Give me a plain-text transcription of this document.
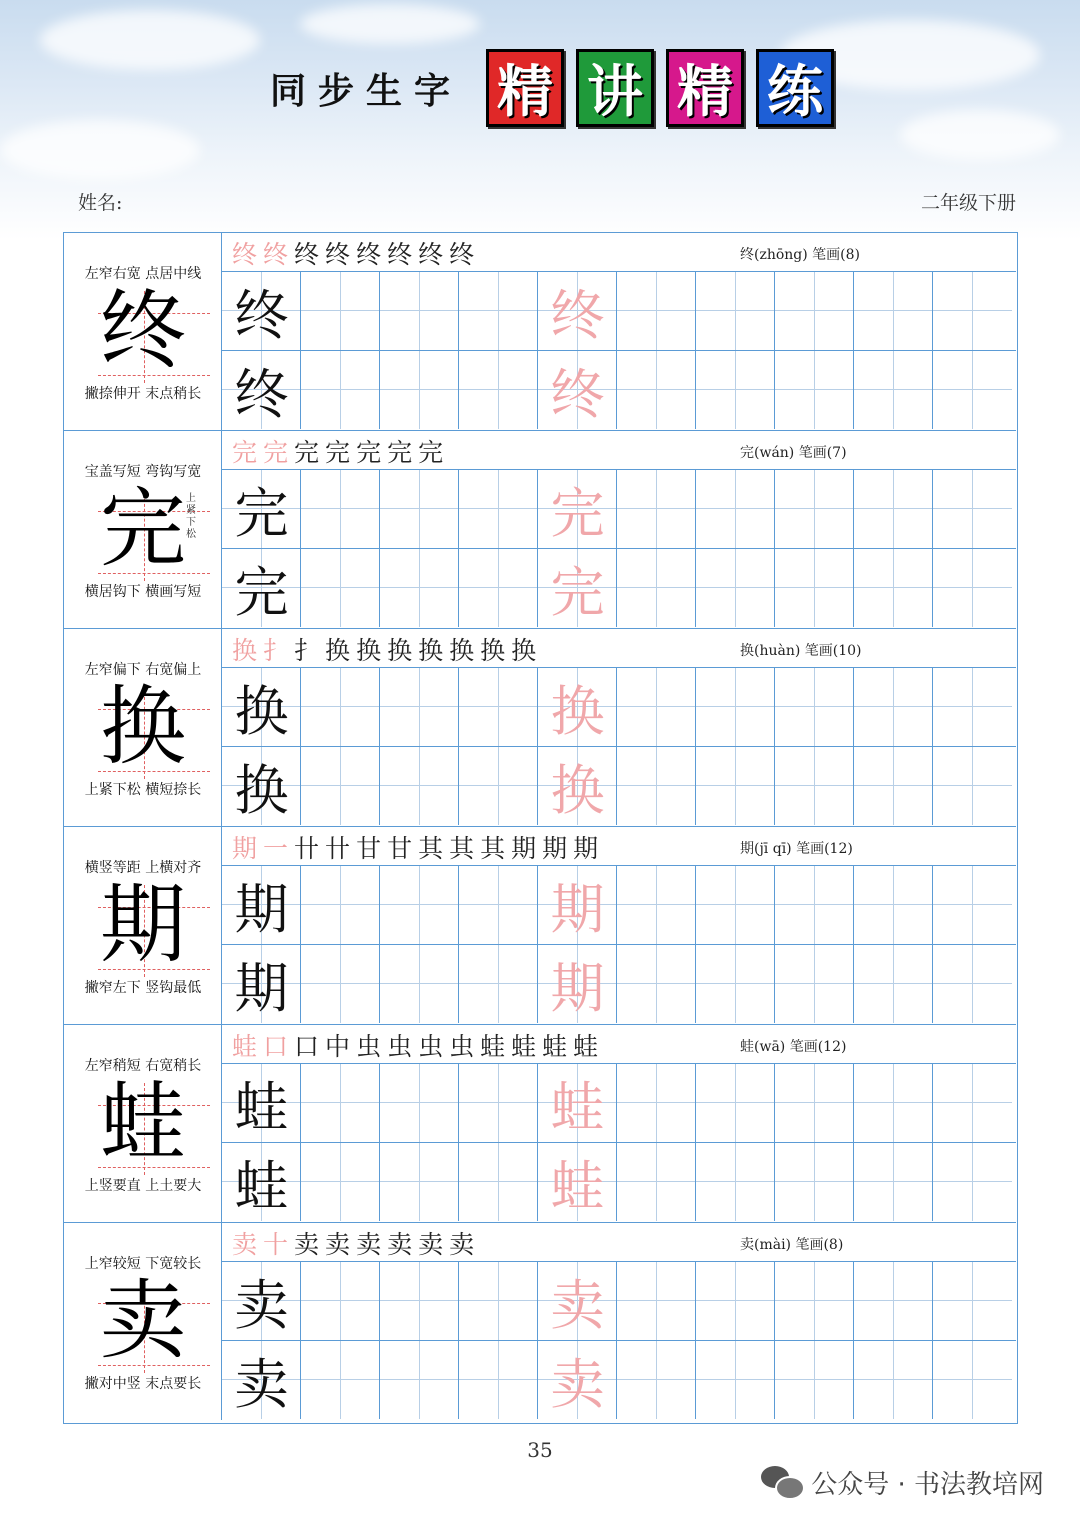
同步生字 精 讲 精 练
姓名:	二年级下册
左窄右宽 点居中线
终
撇捺伸开 末点稍长
终终终终终终终终	终(zhōng) 笔画(8)
终	终
终	终
宝盖写短 弯钩写宽
完 上紧下松
横居钩下 横画写短
完完完完完完完	完(wán) 笔画(7)
完	完
完	完
左窄偏下 右宽偏上
换
上紧下松 横短捺长
换扌扌换换换换换换换	换(huàn) 笔画(10)
换	换
换	换
横竖等距 上横对齐
期
撇窄左下 竖钩最低
期一卄卄甘甘其其其期期期	期(jī qī) 笔画(12)
期	期
期	期
左窄稍短 右宽稍长
蛙
上竖要直 上土要大
蛙口口中虫虫虫虫蛙蛙蛙蛙	蛙(wā) 笔画(12)
蛙	蛙
蛙	蛙
上窄较短 下宽较长
卖
撇对中竖 末点要长
卖十卖卖卖卖卖卖	卖(mài) 笔画(8)
卖	卖
卖	卖
35
公众号 · 书法教培网
